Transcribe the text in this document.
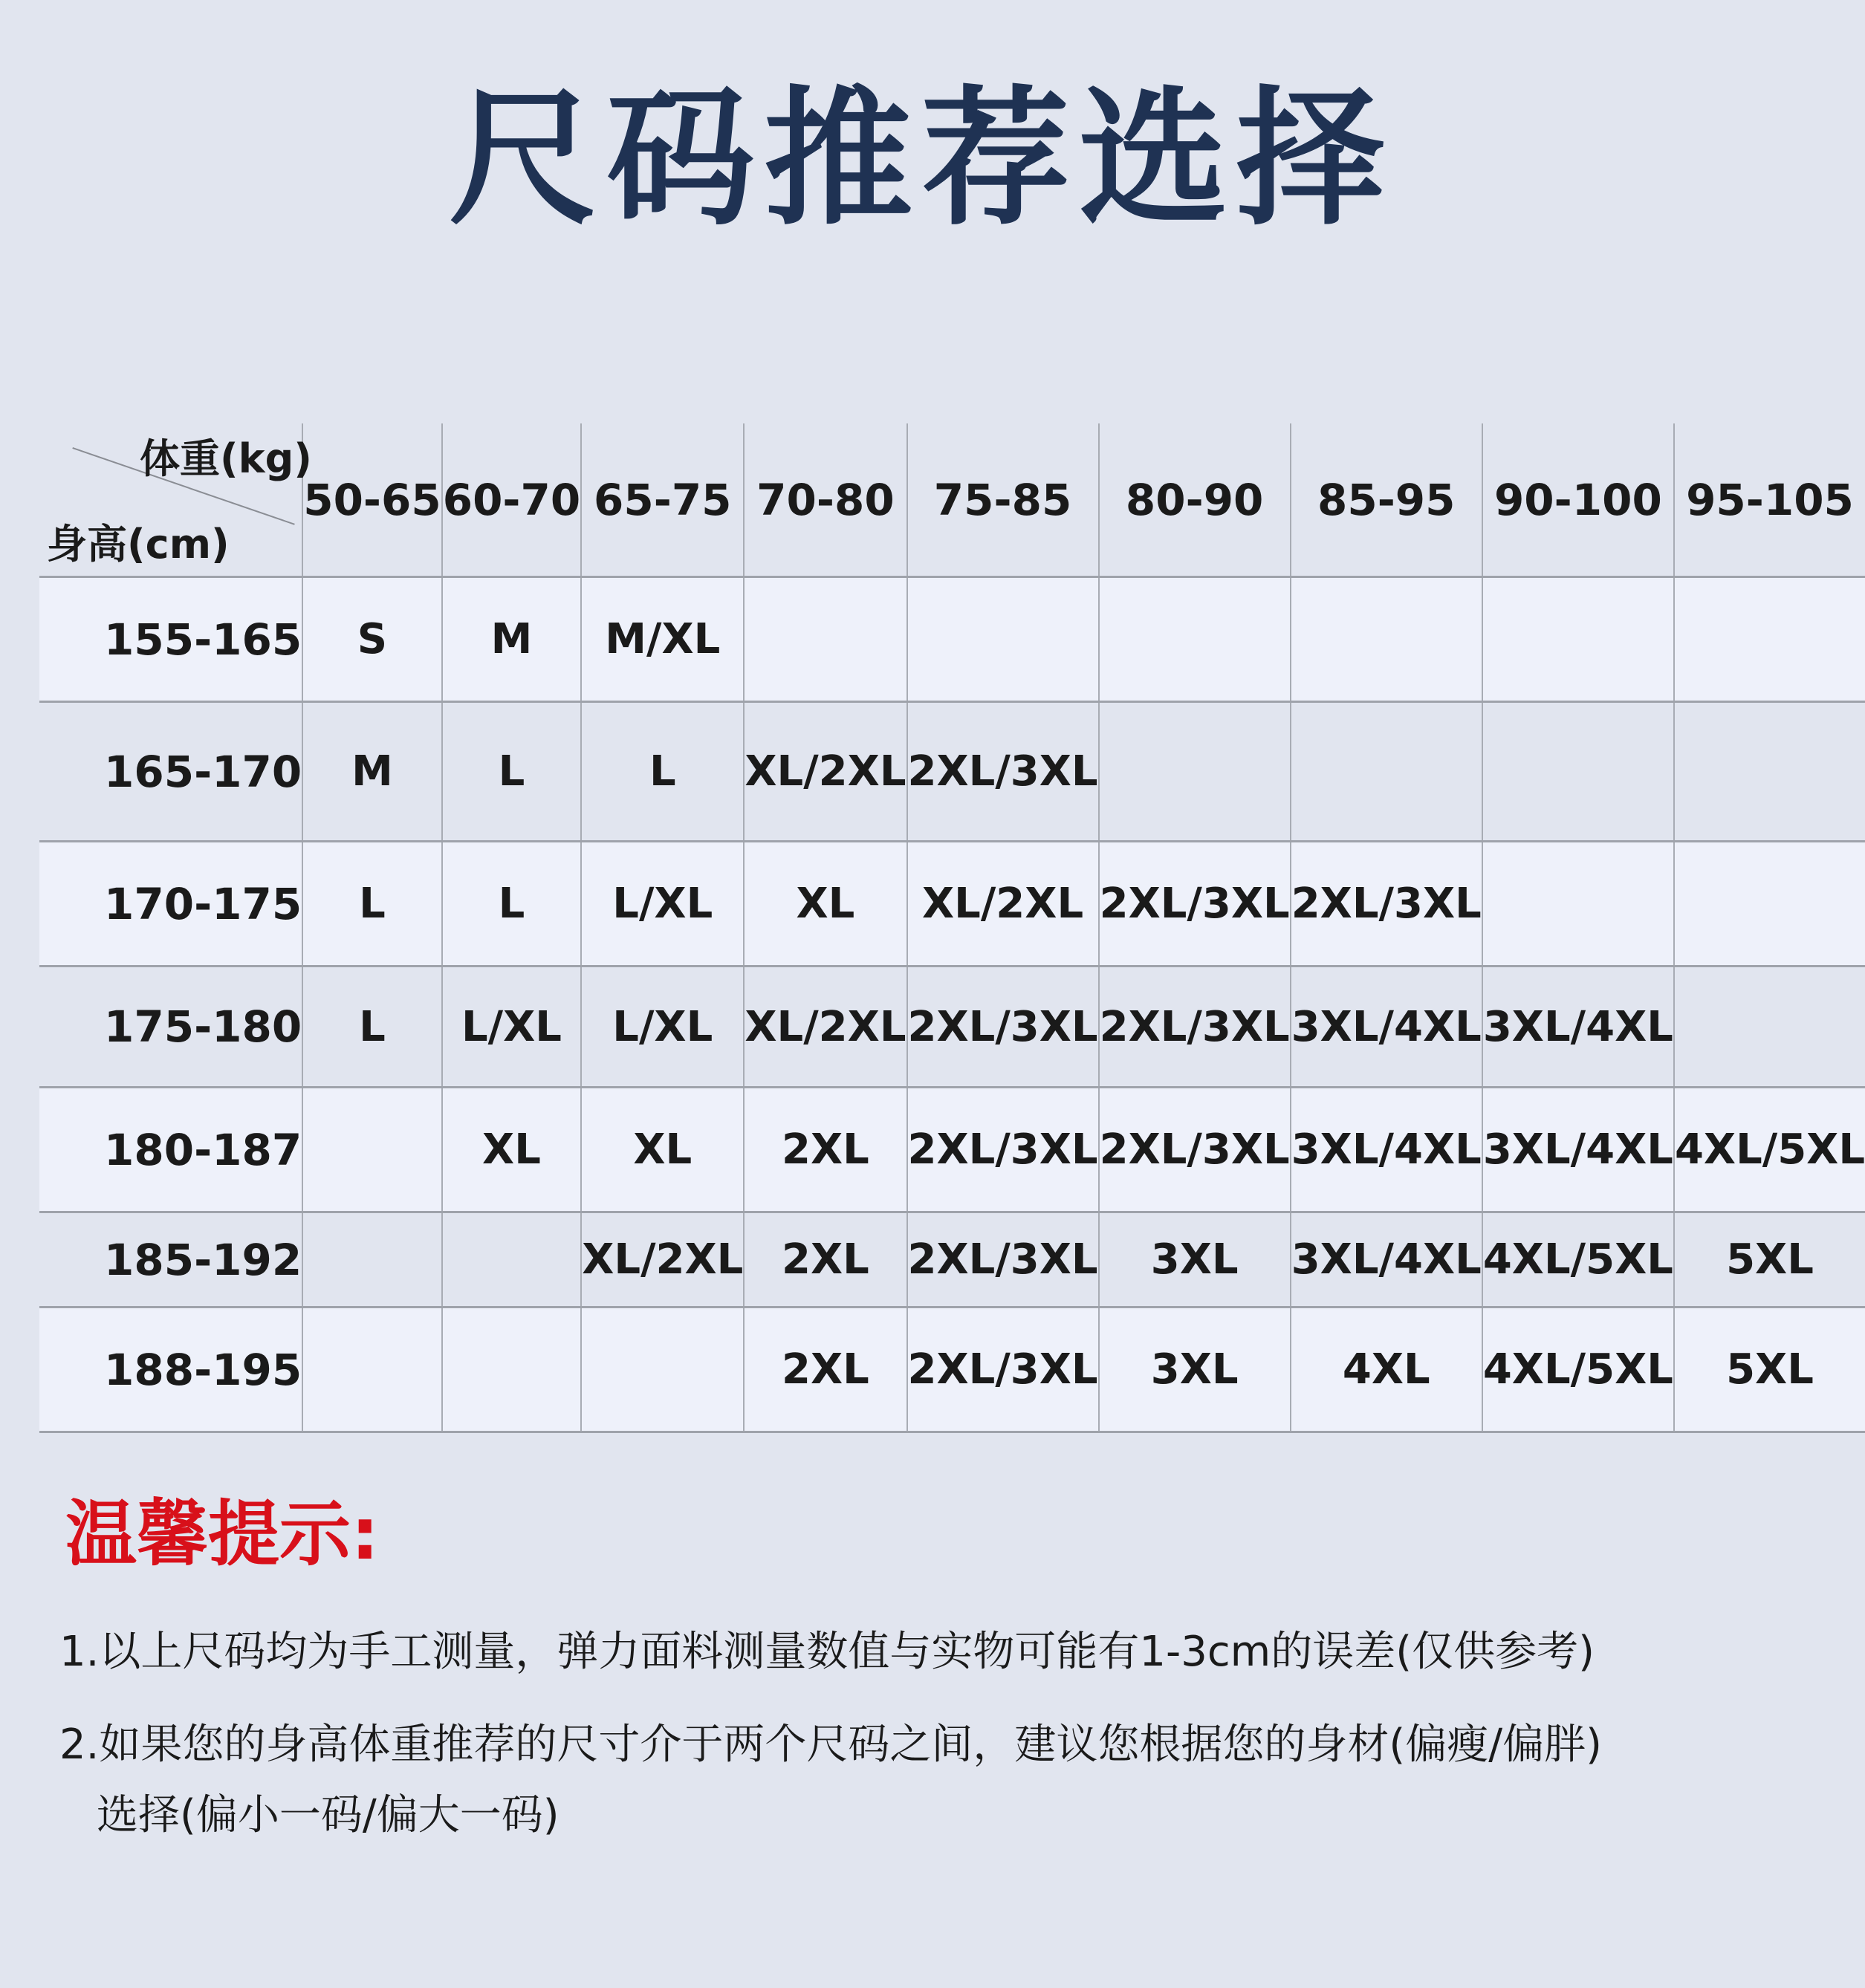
尺码推荐选择
体重(kg)
身高(cm)	50-65	60-70	65-75	70-80	75-85	80-90	85-95	90-100	95-105
155-165	S	M	M/XL						
165-170	M	L	L	XL/2XL	2XL/3XL				
170-175	L	L	L/XL	XL	XL/2XL	2XL/3XL	2XL/3XL		
175-180	L	L/XL	L/XL	XL/2XL	2XL/3XL	2XL/3XL	3XL/4XL	3XL/4XL	
180-187		XL	XL	2XL	2XL/3XL	2XL/3XL	3XL/4XL	3XL/4XL	4XL/5XL
185-192			XL/2XL	2XL	2XL/3XL	3XL	3XL/4XL	4XL/5XL	5XL
188-195				2XL	2XL/3XL	3XL	4XL	4XL/5XL	5XL
温馨提示:
1.以上尺码均为手工测量，弹力面料测量数值与实物可能有1-3cm的误差(仅供参考)
2.如果您的身高体重推荐的尺寸介于两个尺码之间，建议您根据您的身材(偏瘦/偏胖)
选择(偏小一码/偏大一码)
